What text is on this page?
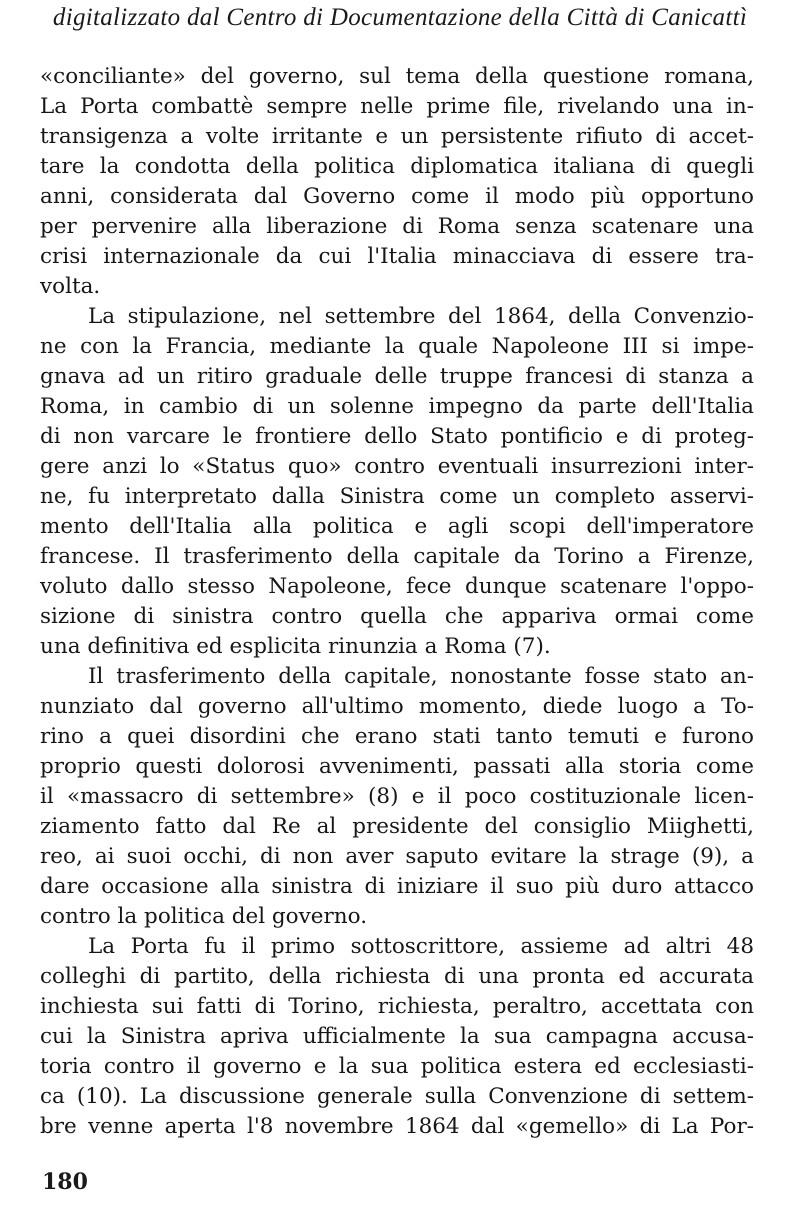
digitalizzato dal Centro di Documentazione della Città di Canicattì
«conciliante» del governo, sul tema della questione romana,
La Porta combattè sempre nelle prime file, rivelando una in-
transigenza a volte irritante e un persistente rifiuto di accet-
tare la condotta della politica diplomatica italiana di quegli
anni, considerata dal Governo come il modo più opportuno
per pervenire alla liberazione di Roma senza scatenare una
crisi internazionale da cui l'Italia minacciava di essere tra-
volta.
La stipulazione, nel settembre del 1864, della Convenzio-
ne con la Francia, mediante la quale Napoleone III si impe-
gnava ad un ritiro graduale delle truppe francesi di stanza a
Roma, in cambio di un solenne impegno da parte dell'Italia
di non varcare le frontiere dello Stato pontificio e di proteg-
gere anzi lo «Status quo» contro eventuali insurrezioni inter-
ne, fu interpretato dalla Sinistra come un completo asservi-
mento dell'Italia alla politica e agli scopi dell'imperatore
francese. Il trasferimento della capitale da Torino a Firenze,
voluto dallo stesso Napoleone, fece dunque scatenare l'oppo-
sizione di sinistra contro quella che appariva ormai come
una definitiva ed esplicita rinunzia a Roma (7).
Il trasferimento della capitale, nonostante fosse stato an-
nunziato dal governo all'ultimo momento, diede luogo a To-
rino a quei disordini che erano stati tanto temuti e furono
proprio questi dolorosi avvenimenti, passati alla storia come
il «massacro di settembre» (8) e il poco costituzionale licen-
ziamento fatto dal Re al presidente del consiglio Miighetti,
reo, ai suoi occhi, di non aver saputo evitare la strage (9), a
dare occasione alla sinistra di iniziare il suo più duro attacco
contro la politica del governo.
La Porta fu il primo sottoscrittore, assieme ad altri 48
colleghi di partito, della richiesta di una pronta ed accurata
inchiesta sui fatti di Torino, richiesta, peraltro, accettata con
cui la Sinistra apriva ufficialmente la sua campagna accusa-
toria contro il governo e la sua politica estera ed ecclesiasti-
ca (10). La discussione generale sulla Convenzione di settem-
bre venne aperta l'8 novembre 1864 dal «gemello» di La Por-
180
